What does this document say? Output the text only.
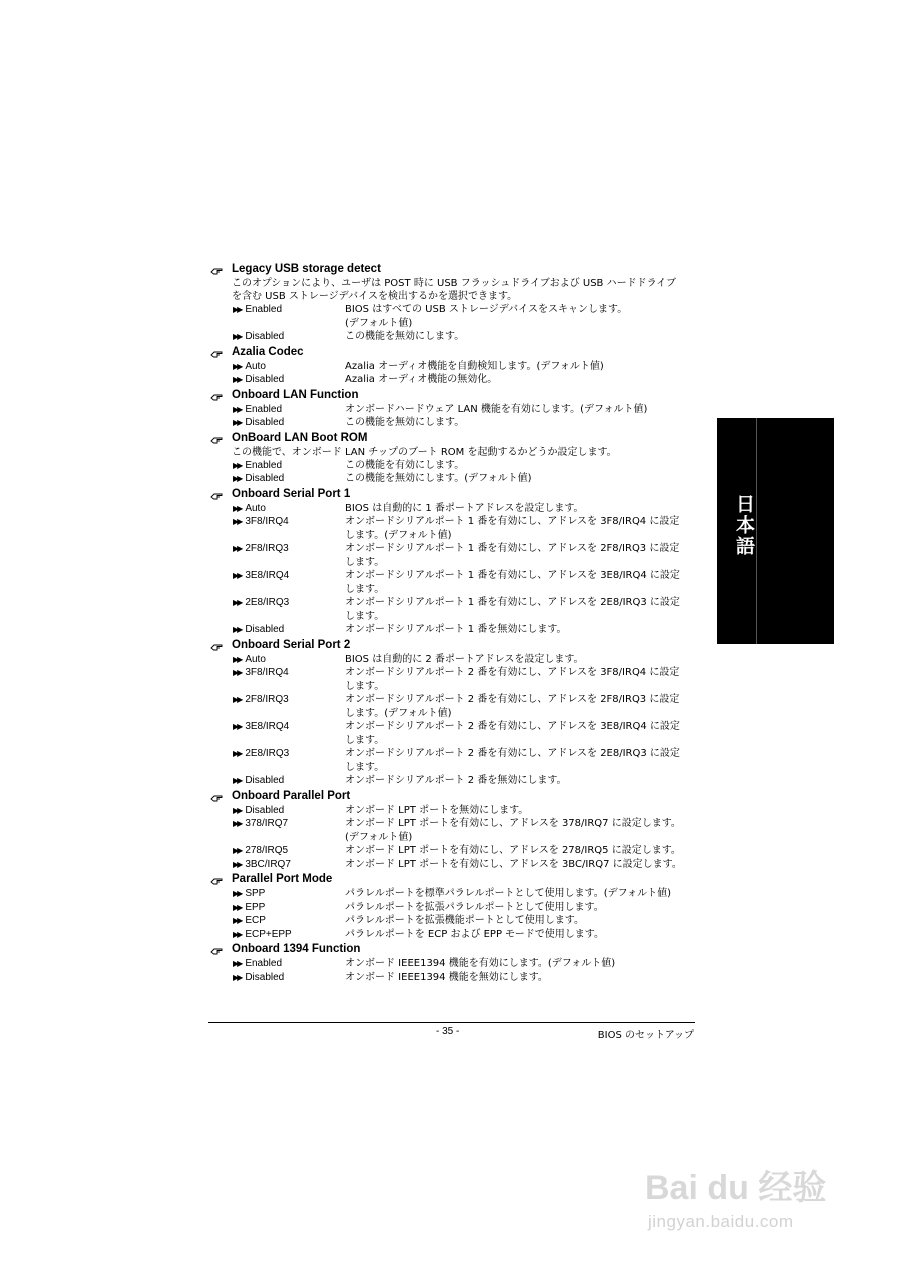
Legacy USB storage detect
このオプションにより、ユーザは POST 時に USB フラッシュドライブおよび USB ハードドライブ
を含む USB ストレージデバイスを検出するかを選択できます。
▶▶ Enabled	BIOS はすべての USB ストレージデバイスをスキャンします。
(デフォルト値)
▶▶ Disabled	この機能を無効にします。
Azalia Codec
▶▶ Auto	Azalia オーディオ機能を自動検知します。(デフォルト値)
▶▶ Disabled	Azalia オーディオ機能の無効化。
Onboard LAN Function
▶▶ Enabled	オンボードハードウェア LAN 機能を有効にします。(デフォルト値)
▶▶ Disabled	この機能を無効にします。
OnBoard LAN Boot ROM
この機能で、オンボード LAN チップのブート ROM を起動するかどうか設定します。
▶▶ Enabled	この機能を有効にします。
▶▶ Disabled	この機能を無効にします。(デフォルト値)
Onboard Serial Port 1
▶▶ Auto	BIOS は自動的に 1 番ポートアドレスを設定します。
▶▶ 3F8/IRQ4	オンボードシリアルポート 1 番を有効にし、アドレスを 3F8/IRQ4 に設定
します。(デフォルト値)
▶▶ 2F8/IRQ3	オンボードシリアルポート 1 番を有効にし、アドレスを 2F8/IRQ3 に設定
します。
▶▶ 3E8/IRQ4	オンボードシリアルポート 1 番を有効にし、アドレスを 3E8/IRQ4 に設定
します。
▶▶ 2E8/IRQ3	オンボードシリアルポート 1 番を有効にし、アドレスを 2E8/IRQ3 に設定
します。
▶▶ Disabled	オンボードシリアルポート 1 番を無効にします。
Onboard Serial Port 2
▶▶ Auto	BIOS は自動的に 2 番ポートアドレスを設定します。
▶▶ 3F8/IRQ4	オンボードシリアルポート 2 番を有効にし、アドレスを 3F8/IRQ4 に設定
します。
▶▶ 2F8/IRQ3	オンボードシリアルポート 2 番を有効にし、アドレスを 2F8/IRQ3 に設定
します。(デフォルト値)
▶▶ 3E8/IRQ4	オンボードシリアルポート 2 番を有効にし、アドレスを 3E8/IRQ4 に設定
します。
▶▶ 2E8/IRQ3	オンボードシリアルポート 2 番を有効にし、アドレスを 2E8/IRQ3 に設定
します。
▶▶ Disabled	オンボードシリアルポート 2 番を無効にします。
Onboard Parallel Port
▶▶ Disabled	オンボード LPT ポートを無効にします。
▶▶ 378/IRQ7	オンボード LPT ポートを有効にし、アドレスを 378/IRQ7 に設定します。
(デフォルト値)
▶▶ 278/IRQ5	オンボード LPT ポートを有効にし、アドレスを 278/IRQ5 に設定します。
▶▶ 3BC/IRQ7	オンボード LPT ポートを有効にし、アドレスを 3BC/IRQ7 に設定します。
Parallel Port Mode
▶▶ SPP	パラレルポートを標準パラレルポートとして使用します。(デフォルト値)
▶▶ EPP	パラレルポートを拡張パラレルポートとして使用します。
▶▶ ECP	パラレルポートを拡張機能ポートとして使用します。
▶▶ ECP+EPP	パラレルポートを ECP および EPP モードで使用します。
Onboard 1394 Function
▶▶ Enabled	オンボード IEEE1394 機能を有効にします。(デフォルト値)
▶▶ Disabled	オンボード IEEE1394 機能を無効にします。
- 35 -	BIOS のセットアップ
日本語
Bai du 经验
jingyan.baidu.com
